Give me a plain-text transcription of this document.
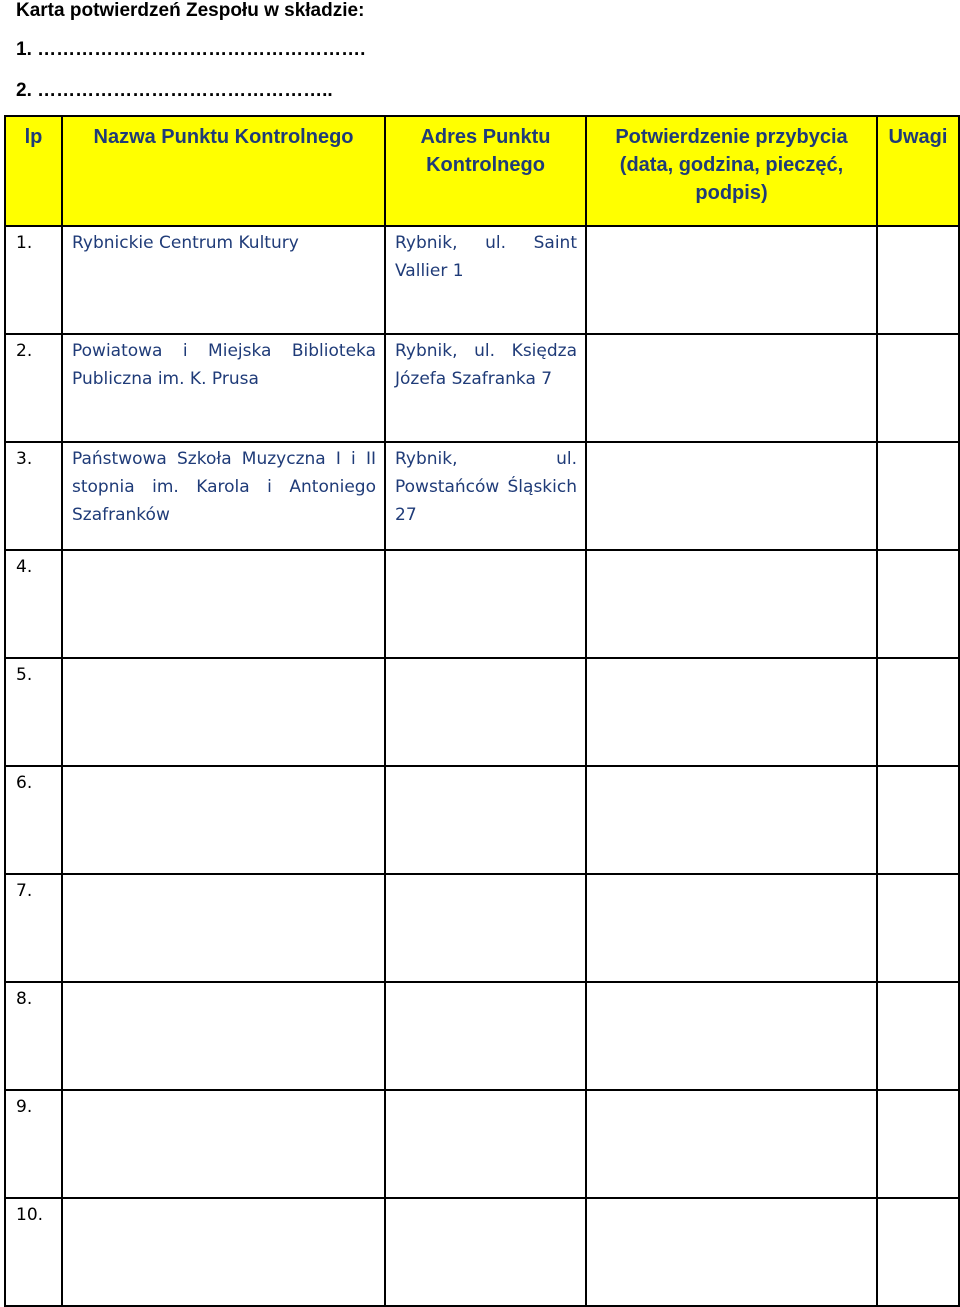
Karta potwierdzeń Zespołu w składzie:
1. …………………………………………….
2. ………………………………………..
lp	Nazwa Punktu Kontrolnego	Adres Punktu Kontrolnego	Potwierdzenie przybycia (data, godzina, pieczęć, podpis)	Uwagi
1.	Rybnickie Centrum Kultury	Rybnik, ul. Saint Vallier 1		
2.	Powiatowa i Miejska Biblioteka Publiczna im. K. Prusa	Rybnik, ul. Księdza Józefa Szafranka 7		
3.	Państwowa Szkoła Muzyczna I i II stopnia im. Karola i Antoniego Szafranków	Rybnik, ul. Powstańców Śląskich 27		
4.				
5.				
6.				
7.				
8.				
9.				
10.				
